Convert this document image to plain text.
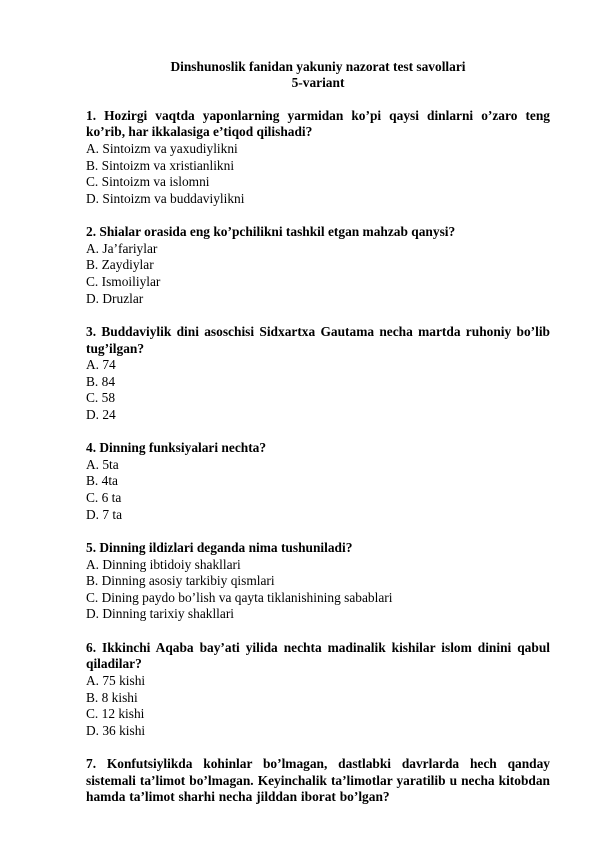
Dinshunoslik fanidan yakuniy nazorat test savollari
5-variant

1. Hozirgi vaqtda yaponlarning yarmidan ko’pi qaysi dinlarni o’zaro teng ko’rib, har ikkalasiga e’tiqod qilishadi?

A. Sintoizm va yaxudiylikni
B. Sintoizm va xristianlikni
C. Sintoizm va islomni
D. Sintoizm va buddaviylikni

2. Shialar orasida eng ko’pchilikni tashkil etgan mahzab qanysi?

A. Ja’fariylar
B. Zaydiylar
C. Ismoiliylar
D. Druzlar

3. Buddaviylik dini asoschisi Sidxartxa Gautama necha martda ruhoniy bo’lib tug’ilgan?

A. 74
B. 84
C. 58
D. 24

4. Dinning funksiyalari nechta?

A. 5ta
B. 4ta
C. 6 ta
D. 7 ta

5. Dinning ildizlari deganda nima tushuniladi?

A. Dinning ibtidoiy shakllari
B. Dinning asosiy tarkibiy qismlari
C. Dining paydo bo’lish va qayta tiklanishining sabablari
D. Dinning tarixiy shakllari

6. Ikkinchi Aqaba bay’ati yilida nechta madinalik kishilar islom dinini qabul qiladilar?

A. 75 kishi
B. 8 kishi
C. 12 kishi
D. 36 kishi

7. Konfutsiylikda kohinlar bo’lmagan, dastlabki davrlarda hech qanday sistemali ta’limot bo’lmagan. Keyinchalik ta’limotlar yaratilib u necha kitobdan hamda ta’limot sharhi necha jilddan iborat bo’lgan?
